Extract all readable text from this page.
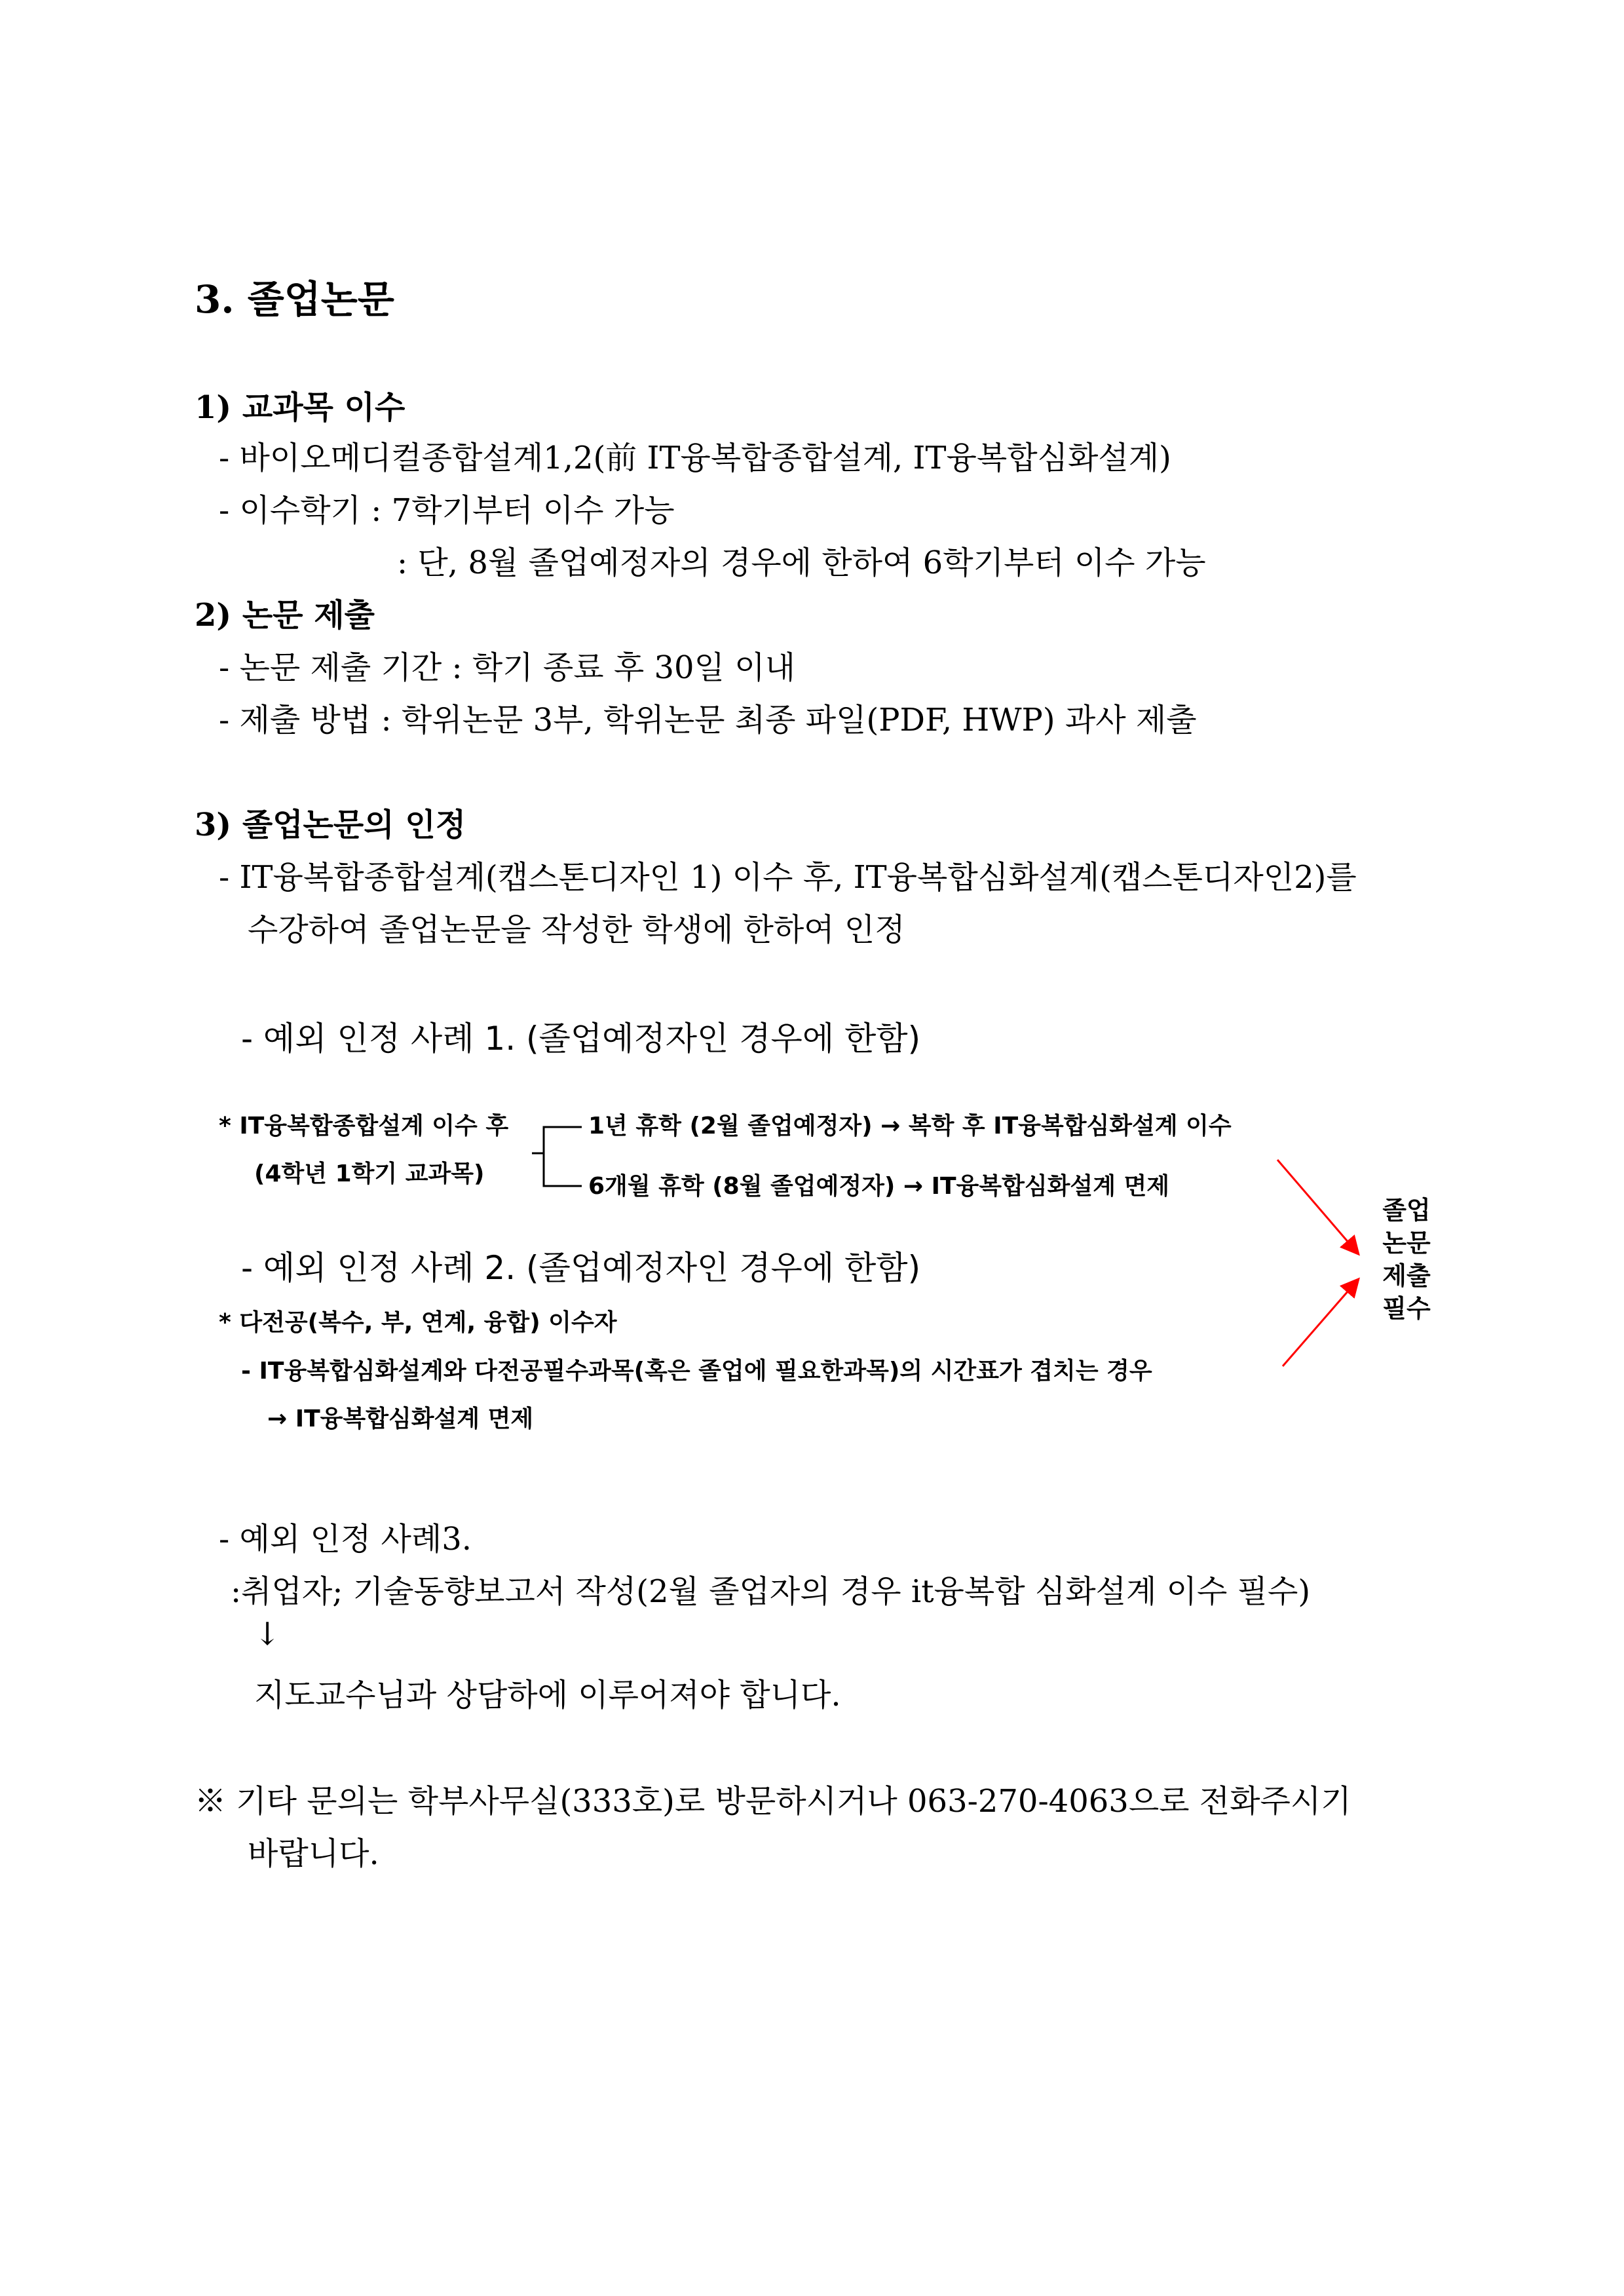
3. 졸업논문
1) 교과목 이수
- 바이오메디컬종합설계1,2(前 IT융복합종합설계, IT융복합심화설계)
- 이수학기 : 7학기부터 이수 가능
: 단, 8월 졸업예정자의 경우에 한하여 6학기부터 이수 가능
2) 논문 제출
- 논문 제출 기간 : 학기 종료 후 30일 이내
- 제출 방법 : 학위논문 3부, 학위논문 최종 파일(PDF, HWP) 과사 제출
3) 졸업논문의 인정
- IT융복합종합설계(캡스톤디자인 1) 이수 후, IT융복합심화설계(캡스톤디자인2)를
수강하여 졸업논문을 작성한 학생에 한하여 인정
- 예외 인정 사례 1. (졸업예정자인 경우에 한함)
* IT융복합종합설계 이수 후
(4학년 1학기 교과목)
1년 휴학 (2월 졸업예정자) → 복학 후 IT융복합심화설계 이수
6개월 휴학 (8월 졸업예정자) → IT융복합심화설계 면제
졸업 논문 제출 필수
- 예외 인정 사례 2. (졸업예정자인 경우에 한함)
* 다전공(복수, 부, 연계, 융합) 이수자
- IT융복합심화설계와 다전공필수과목(혹은 졸업에 필요한과목)의 시간표가 겹치는 경우
→ IT융복합심화설계 면제
- 예외 인정 사례3.
:취업자; 기술동향보고서 작성(2월 졸업자의 경우 it융복합 심화설계 이수 필수)
↓
지도교수님과 상담하에 이루어져야 합니다.
※ 기타 문의는 학부사무실(333호)로 방문하시거나 063-270-4063으로 전화주시기
바랍니다.
